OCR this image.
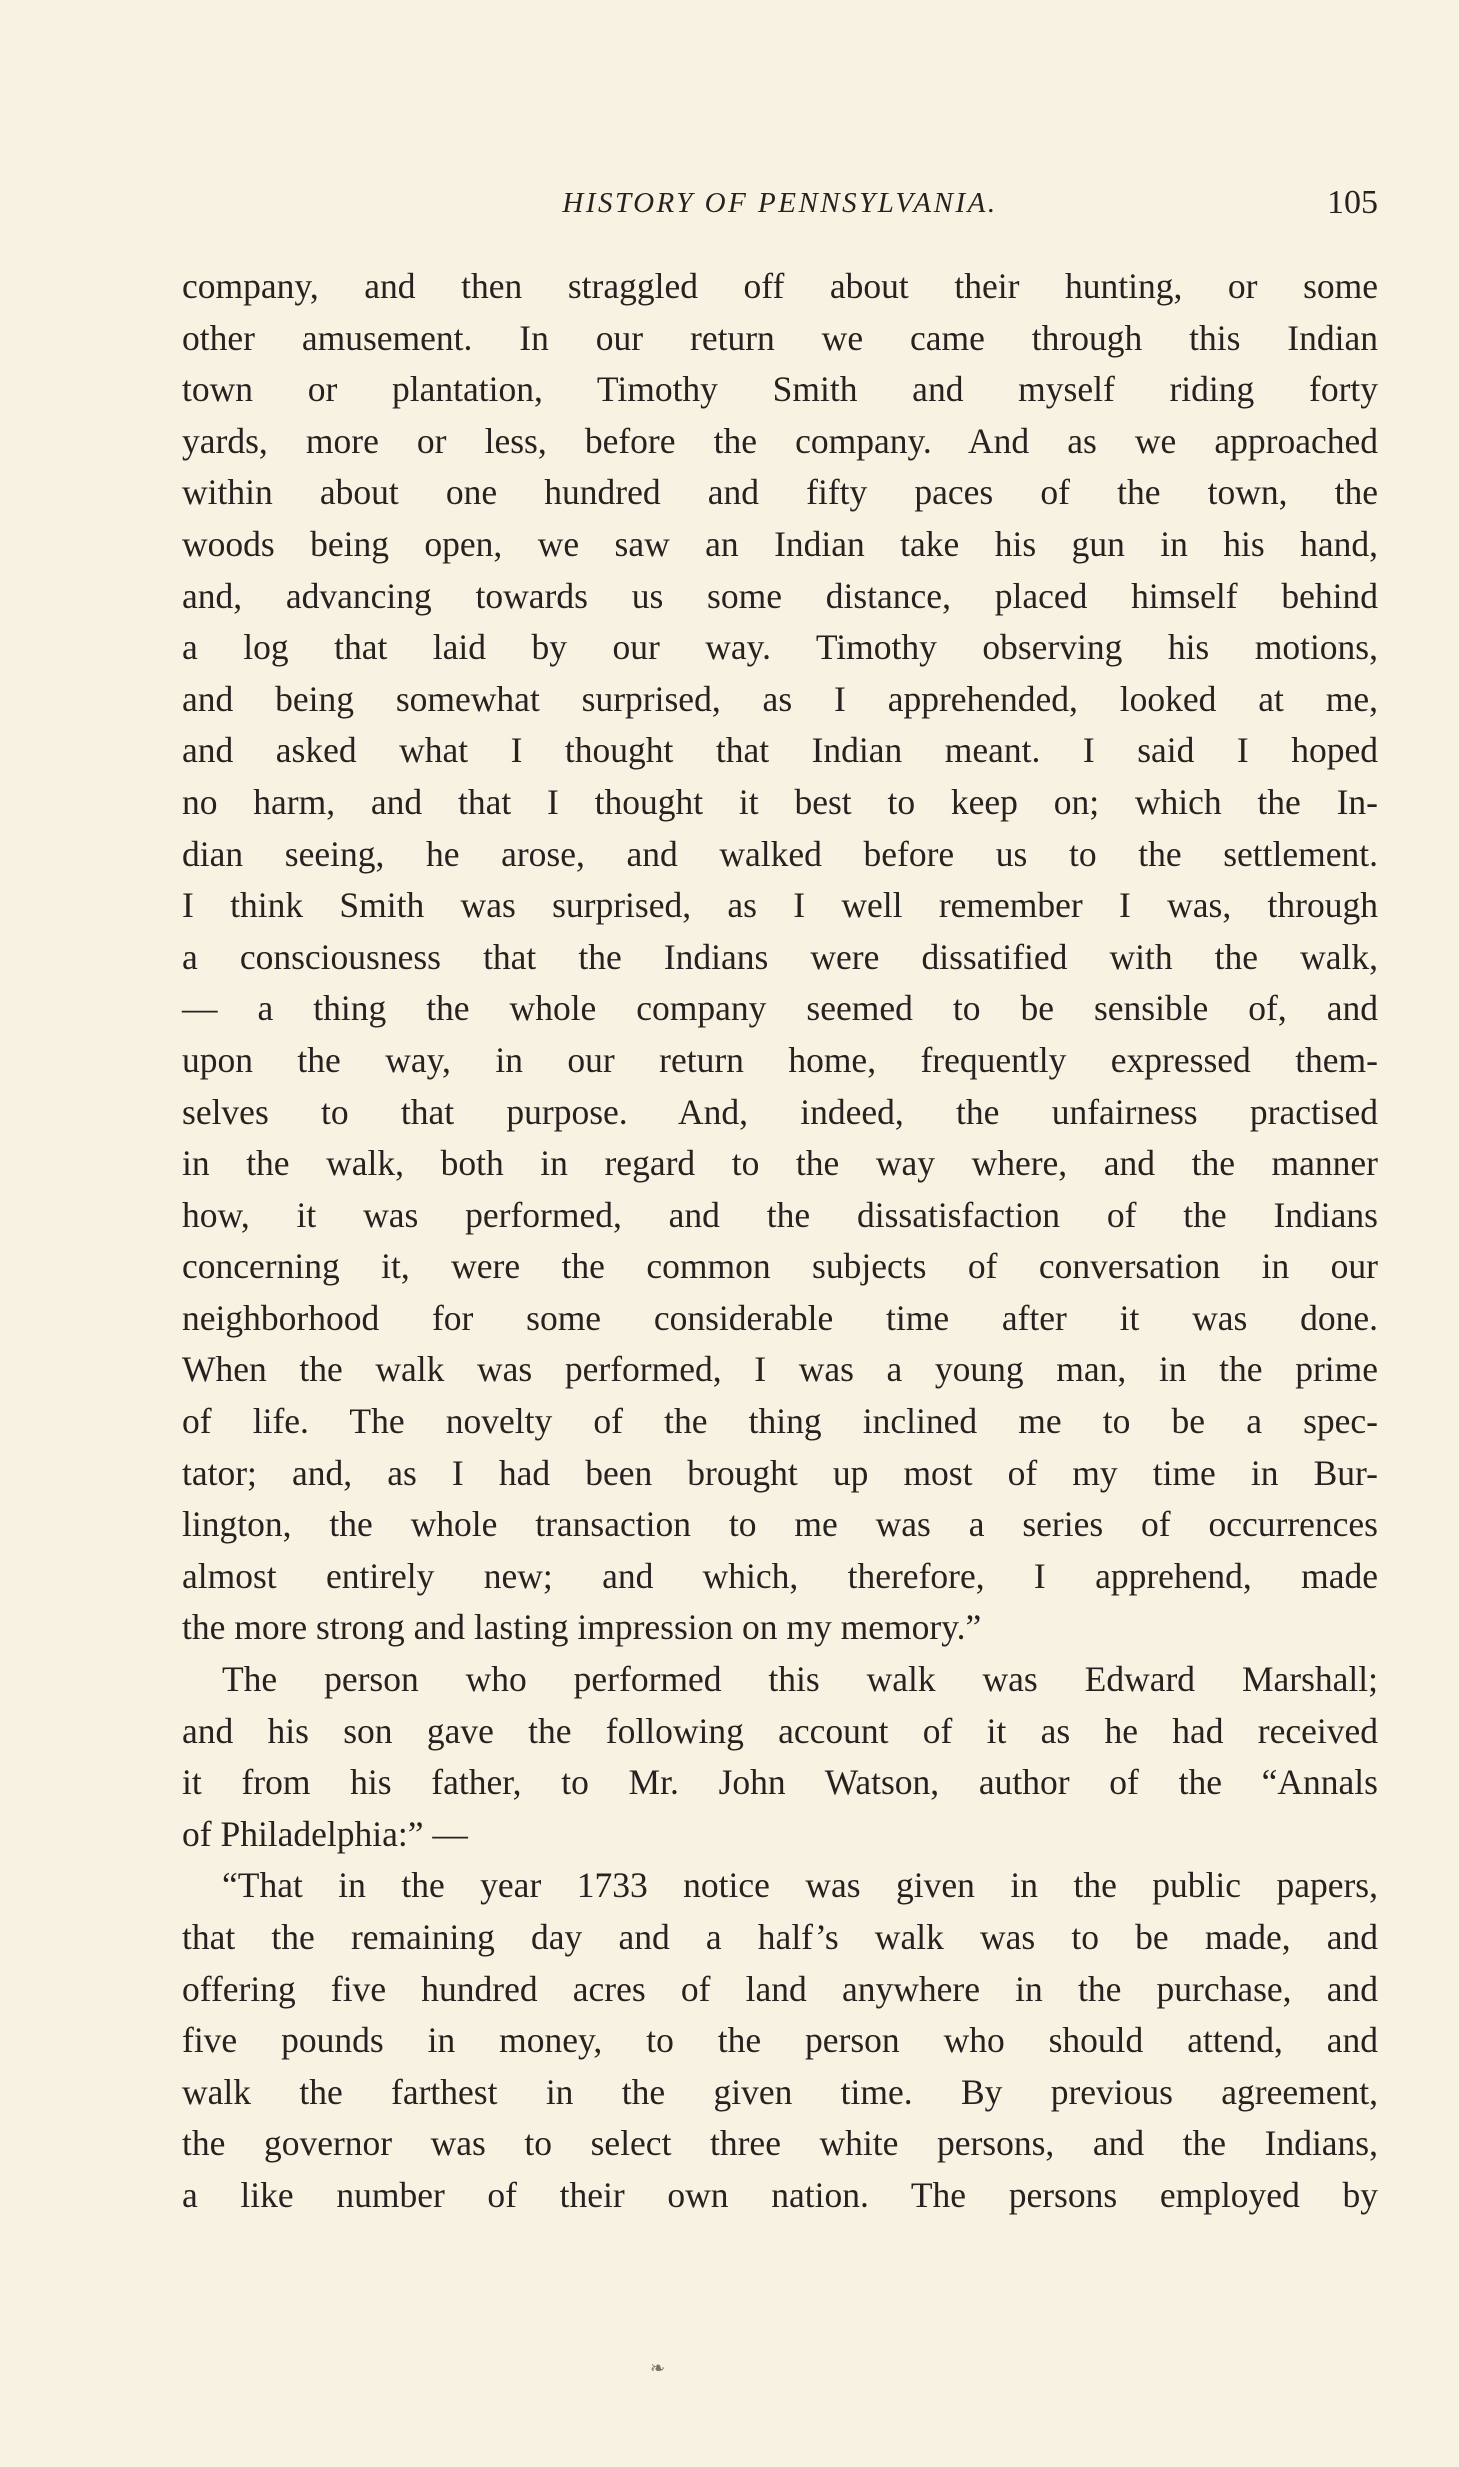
HISTORY OF PENNSYLVANIA.	105
company, and then straggled off about their hunting, or some
other amusement. In our return we came through this Indian
town or plantation, Timothy Smith and myself riding forty
yards, more or less, before the company. And as we approached
within about one hundred and fifty paces of the town, the
woods being open, we saw an Indian take his gun in his hand,
and, advancing towards us some distance, placed himself behind
a log that laid by our way. Timothy observing his motions,
and being somewhat surprised, as I apprehended, looked at me,
and asked what I thought that Indian meant. I said I hoped
no harm, and that I thought it best to keep on; which the In-
dian seeing, he arose, and walked before us to the settlement.
I think Smith was surprised, as I well remember I was, through
a consciousness that the Indians were dissatified with the walk,
— a thing the whole company seemed to be sensible of, and
upon the way, in our return home, frequently expressed them-
selves to that purpose. And, indeed, the unfairness practised
in the walk, both in regard to the way where, and the manner
how, it was performed, and the dissatisfaction of the Indians
concerning it, were the common subjects of conversation in our
neighborhood for some considerable time after it was done.
When the walk was performed, I was a young man, in the prime
of life. The novelty of the thing inclined me to be a spec-
tator; and, as I had been brought up most of my time in Bur-
lington, the whole transaction to me was a series of occurrences
almost entirely new; and which, therefore, I apprehend, made
the more strong and lasting impression on my memory.”
The person who performed this walk was Edward Marshall;
and his son gave the following account of it as he had received
it from his father, to Mr. John Watson, author of the “Annals
of Philadelphia:” —
“That in the year 1733 notice was given in the public papers,
that the remaining day and a half’s walk was to be made, and
offering five hundred acres of land anywhere in the purchase, and
five pounds in money, to the person who should attend, and
walk the farthest in the given time. By previous agreement,
the governor was to select three white persons, and the Indians,
a like number of their own nation. The persons employed by
❧
